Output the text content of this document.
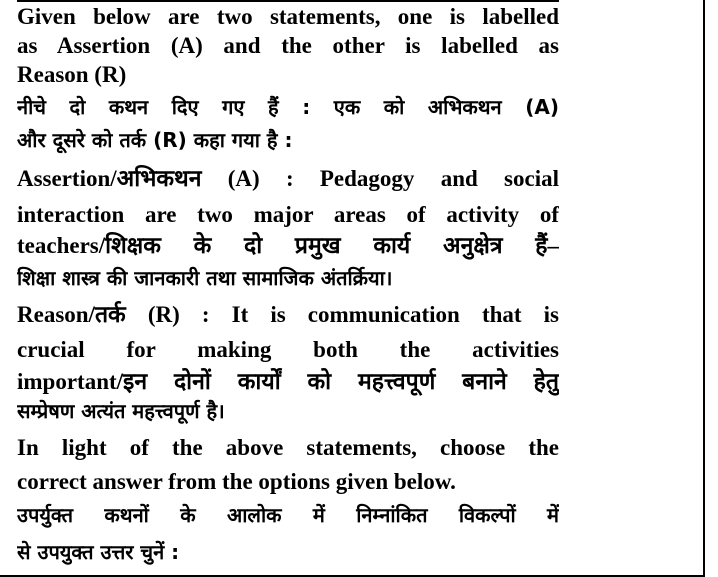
Given below are two statements, one is labelled
as Assertion (A) and the other is labelled as
Reason (R)
नीचे दो कथन दिए गए हैं : एक को अभिकथन (A)
और दूसरे को तर्क (R) कहा गया है :
Assertion/अभिकथन (A) : Pedagogy and social
interaction are two major areas of activity of
teachers/शिक्षक के दो प्रमुख कार्य अनुक्षेत्र हैं–
शिक्षा शास्त्र की जानकारी तथा सामाजिक अंतर्क्रिया।
Reason/तर्क (R) : It is communication that is
crucial for making both the activities
important/इन दोनों कार्यों को महत्त्वपूर्ण बनाने हेतु
सम्प्रेषण अत्यंत महत्त्वपूर्ण है।
In light of the above statements, choose the
correct answer from the options given below.
उपर्युक्त कथनों के आलोक में निम्नांकित विकल्पों में
से उपयुक्त उत्तर चुनें :
